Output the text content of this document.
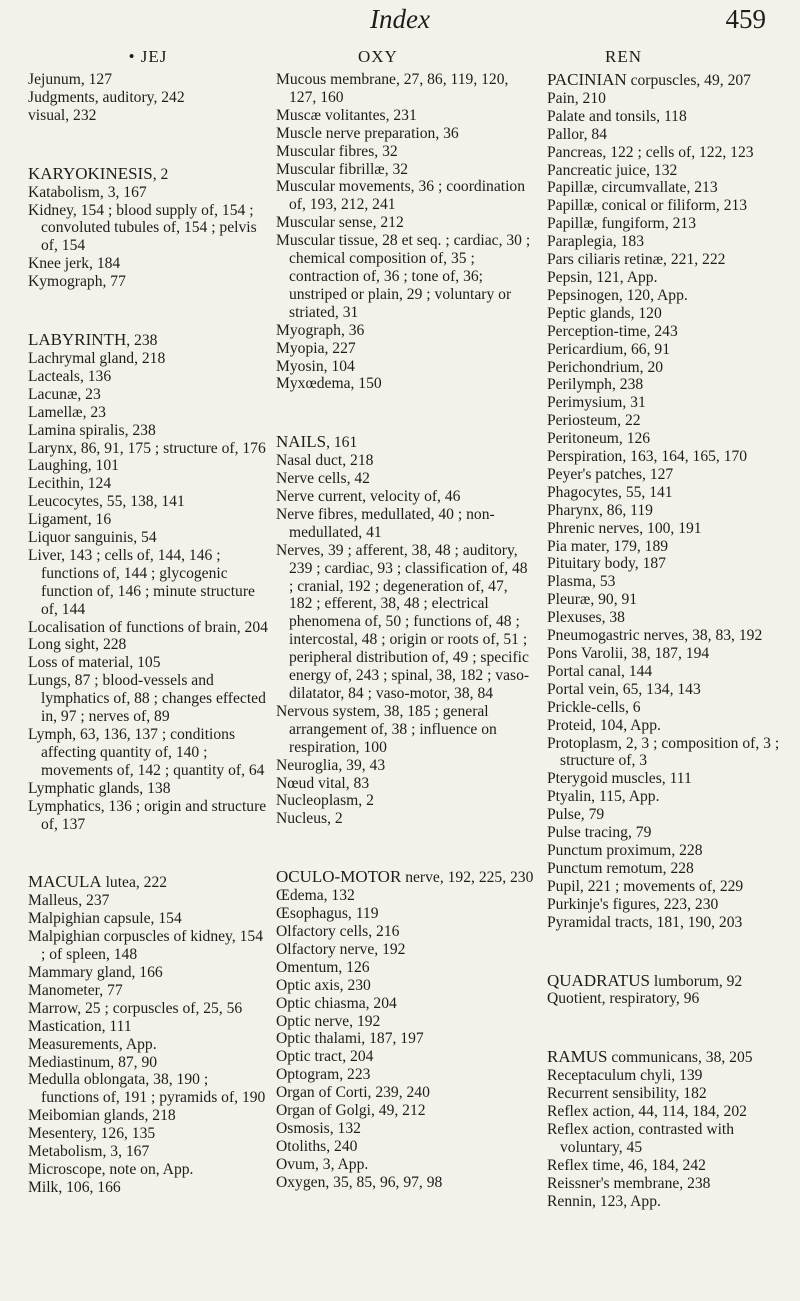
Index	459
• JEJ
Jejunum, 127
Judgments, auditory, 242
visual, 232
KARYOKINESIS, 2
Katabolism, 3, 167
Kidney, 154 ; blood supply of, 154 ; convoluted tubules of, 154 ; pelvis of, 154
Knee jerk, 184
Kymograph, 77
LABYRINTH, 238
Lachrymal gland, 218
Lacteals, 136
Lacunæ, 23
Lamellæ, 23
Lamina spiralis, 238
Larynx, 86, 91, 175 ; structure of, 176
Laughing, 101
Lecithin, 124
Leucocytes, 55, 138, 141
Ligament, 16
Liquor sanguinis, 54
Liver, 143 ; cells of, 144, 146 ; functions of, 144 ; glycogenic function of, 146 ; minute structure of, 144
Localisation of functions of brain, 204
Long sight, 228
Loss of material, 105
Lungs, 87 ; blood-vessels and lymphatics of, 88 ; changes effected in, 97 ; nerves of, 89
Lymph, 63, 136, 137 ; conditions affecting quantity of, 140 ; movements of, 142 ; quantity of, 64
Lymphatic glands, 138
Lymphatics, 136 ; origin and structure of, 137
MACULA lutea, 222
Malleus, 237
Malpighian capsule, 154
Malpighian corpuscles of kidney, 154 ; of spleen, 148
Mammary gland, 166
Manometer, 77
Marrow, 25 ; corpuscles of, 25, 56
Mastication, 111
Measurements, App.
Mediastinum, 87, 90
Medulla oblongata, 38, 190 ; functions of, 191 ; pyramids of, 190
Meibomian glands, 218
Mesentery, 126, 135
Metabolism, 3, 167
Microscope, note on, App.
Milk, 106, 166
OXY
Mucous membrane, 27, 86, 119, 120, 127, 160
Muscæ volitantes, 231
Muscle nerve preparation, 36
Muscular fibres, 32
Muscular fibrillæ, 32
Muscular movements, 36 ; coordination of, 193, 212, 241
Muscular sense, 212
Muscular tissue, 28 et seq. ; cardiac, 30 ; chemical composition of, 35 ; contraction of, 36 ; tone of, 36; unstriped or plain, 29 ; voluntary or striated, 31
Myograph, 36
Myopia, 227
Myosin, 104
Myxœdema, 150
NAILS, 161
Nasal duct, 218
Nerve cells, 42
Nerve current, velocity of, 46
Nerve fibres, medullated, 40 ; non-medullated, 41
Nerves, 39 ; afferent, 38, 48 ; auditory, 239 ; cardiac, 93 ; classification of, 48 ; cranial, 192 ; degeneration of, 47, 182 ; efferent, 38, 48 ; electrical phenomena of, 50 ; functions of, 48 ; intercostal, 48 ; origin or roots of, 51 ; peripheral distribution of, 49 ; specific energy of, 243 ; spinal, 38, 182 ; vaso-dilatator, 84 ; vaso-motor, 38, 84
Nervous system, 38, 185 ; general arrangement of, 38 ; influence on respiration, 100
Neuroglia, 39, 43
Nœud vital, 83
Nucleoplasm, 2
Nucleus, 2
OCULO-MOTOR nerve, 192, 225, 230
Œdema, 132
Œsophagus, 119
Olfactory cells, 216
Olfactory nerve, 192
Omentum, 126
Optic axis, 230
Optic chiasma, 204
Optic nerve, 192
Optic thalami, 187, 197
Optic tract, 204
Optogram, 223
Organ of Corti, 239, 240
Organ of Golgi, 49, 212
Osmosis, 132
Otoliths, 240
Ovum, 3, App.
Oxygen, 35, 85, 96, 97, 98
REN
PACINIAN corpuscles, 49, 207
Pain, 210
Palate and tonsils, 118
Pallor, 84
Pancreas, 122 ; cells of, 122, 123
Pancreatic juice, 132
Papillæ, circumvallate, 213
Papillæ, conical or filiform, 213
Papillæ, fungiform, 213
Paraplegia, 183
Pars ciliaris retinæ, 221, 222
Pepsin, 121, App.
Pepsinogen, 120, App.
Peptic glands, 120
Perception-time, 243
Pericardium, 66, 91
Perichondrium, 20
Perilymph, 238
Perimysium, 31
Periosteum, 22
Peritoneum, 126
Perspiration, 163, 164, 165, 170
Peyer's patches, 127
Phagocytes, 55, 141
Pharynx, 86, 119
Phrenic nerves, 100, 191
Pia mater, 179, 189
Pituitary body, 187
Plasma, 53
Pleuræ, 90, 91
Plexuses, 38
Pneumogastric nerves, 38, 83, 192
Pons Varolii, 38, 187, 194
Portal canal, 144
Portal vein, 65, 134, 143
Prickle-cells, 6
Proteid, 104, App.
Protoplasm, 2, 3 ; composition of, 3 ; structure of, 3
Pterygoid muscles, 111
Ptyalin, 115, App.
Pulse, 79
Pulse tracing, 79
Punctum proximum, 228
Punctum remotum, 228
Pupil, 221 ; movements of, 229
Purkinje's figures, 223, 230
Pyramidal tracts, 181, 190, 203
QUADRATUS lumborum, 92
Quotient, respiratory, 96
RAMUS communicans, 38, 205
Receptaculum chyli, 139
Recurrent sensibility, 182
Reflex action, 44, 114, 184, 202
Reflex action, contrasted with voluntary, 45
Reflex time, 46, 184, 242
Reissner's membrane, 238
Rennin, 123, App.
